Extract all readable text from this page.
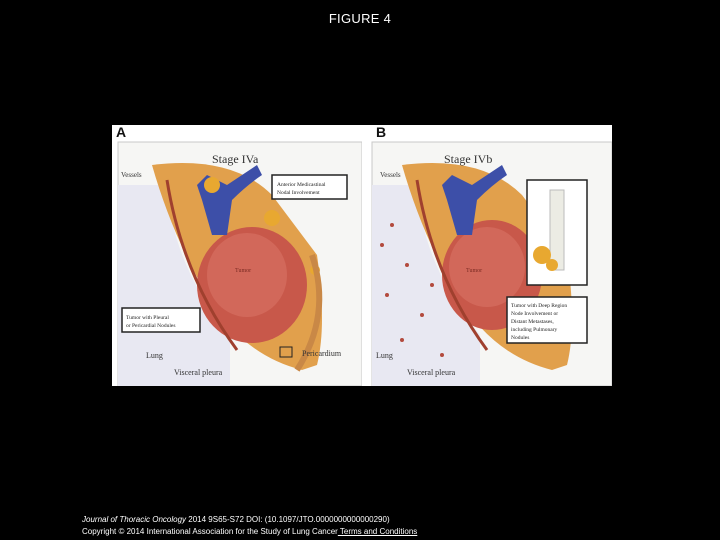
FIGURE 4
A
Stage IVa
Vessels
Anterior Medicastinal
Nodal Involvement
Tumor
Tumor with Pleural
or Pericardial Nodules
Lung	Pericardium
Visceral pleura
B
Stage IVb
Vessels
Tumor
Tumor with Deep Region
Node Involvement or
Distant Metastases,
including Pulmonary
Nodules
Lung
Visceral pleura
Journal of Thoracic Oncology 2014 9S65-S72 DOI: (10.1097/JTO.0000000000000290)
Copyright © 2014 International Association for the Study of Lung Cancer Terms and Conditions
